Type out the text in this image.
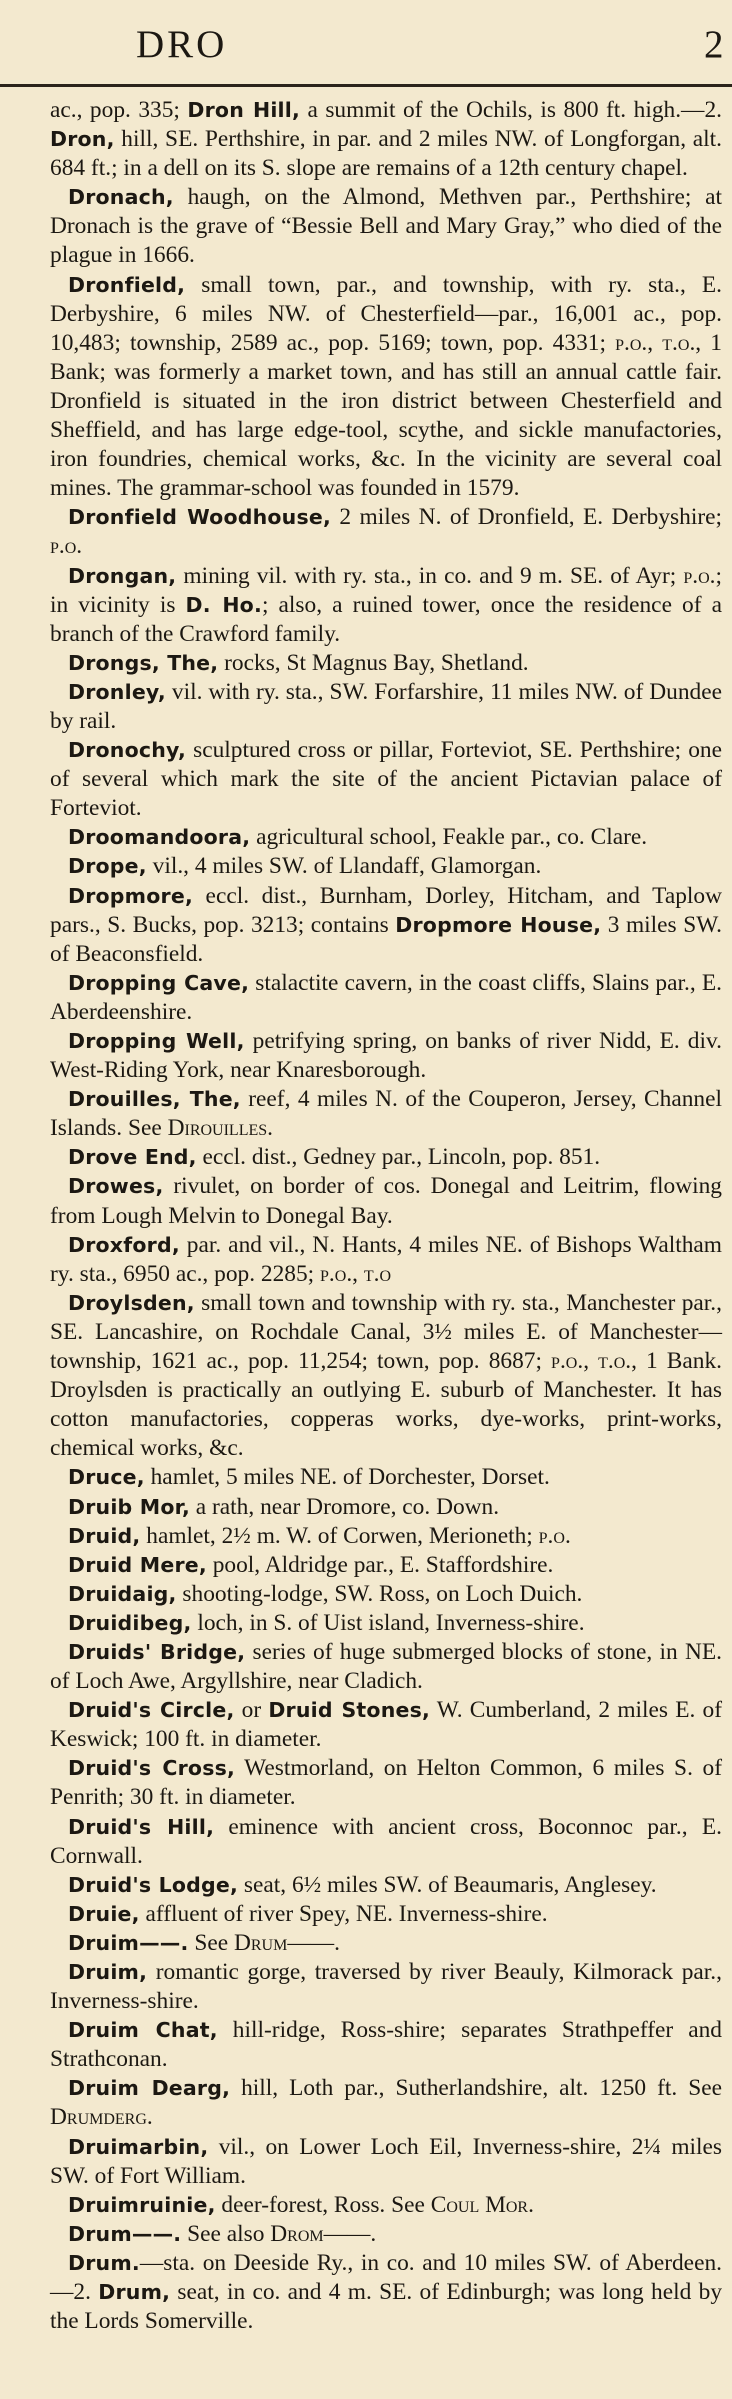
DRO	2
ac., pop. 335; Dron Hill, a summit of the Ochils, is 800 ft. high.—2. Dron, hill, SE. Perthshire, in par. and 2 miles NW. of Longforgan, alt. 684 ft.; in a dell on its S. slope are remains of a 12th century chapel.
Dronach, haugh, on the Almond, Methven par., Perthshire; at Dronach is the grave of “Bessie Bell and Mary Gray,” who died of the plague in 1666.
Dronfield, small town, par., and township, with ry. sta., E. Derbyshire, 6 miles NW. of Chesterfield—par., 16,001 ac., pop. 10,483; township, 2589 ac., pop. 5169; town, pop. 4331; p.o., t.o., 1 Bank; was formerly a market town, and has still an annual cattle fair. Dronfield is situated in the iron district between Chesterfield and Sheffield, and has large edge-tool, scythe, and sickle manufactories, iron foundries, chemical works, &c. In the vicinity are several coal mines. The grammar-school was founded in 1579.
Dronfield Woodhouse, 2 miles N. of Dronfield, E. Derbyshire; p.o.
Drongan, mining vil. with ry. sta., in co. and 9 m. SE. of Ayr; p.o.; in vicinity is D. Ho.; also, a ruined tower, once the residence of a branch of the Crawford family.
Drongs, The, rocks, St Magnus Bay, Shetland.
Dronley, vil. with ry. sta., SW. Forfarshire, 11 miles NW. of Dundee by rail.
Dronochy, sculptured cross or pillar, Forteviot, SE. Perthshire; one of several which mark the site of the ancient Pictavian palace of Forteviot.
Droomandoora, agricultural school, Feakle par., co. Clare.
Drope, vil., 4 miles SW. of Llandaff, Glamorgan.
Dropmore, eccl. dist., Burnham, Dorley, Hitcham, and Taplow pars., S. Bucks, pop. 3213; contains Dropmore House, 3 miles SW. of Beaconsfield.
Dropping Cave, stalactite cavern, in the coast cliffs, Slains par., E. Aberdeenshire.
Dropping Well, petrifying spring, on banks of river Nidd, E. div. West-Riding York, near Knaresborough.
Drouilles, The, reef, 4 miles N. of the Couperon, Jersey, Channel Islands. See Dirouilles.
Drove End, eccl. dist., Gedney par., Lincoln, pop. 851.
Drowes, rivulet, on border of cos. Donegal and Leitrim, flowing from Lough Melvin to Donegal Bay.
Droxford, par. and vil., N. Hants, 4 miles NE. of Bishops Waltham ry. sta., 6950 ac., pop. 2285; p.o., t.o
Droylsden, small town and township with ry. sta., Manchester par., SE. Lancashire, on Rochdale Canal, 3½ miles E. of Manchester—township, 1621 ac., pop. 11,254; town, pop. 8687; p.o., t.o., 1 Bank. Droylsden is practically an outlying E. suburb of Manchester. It has cotton manufactories, copperas works, dye-works, print-works, chemical works, &c.
Druce, hamlet, 5 miles NE. of Dorchester, Dorset.
Druib Mor, a rath, near Dromore, co. Down.
Druid, hamlet, 2½ m. W. of Corwen, Merioneth; p.o.
Druid Mere, pool, Aldridge par., E. Staffordshire.
Druidaig, shooting-lodge, SW. Ross, on Loch Duich.
Druidibeg, loch, in S. of Uist island, Inverness-shire.
Druids' Bridge, series of huge submerged blocks of stone, in NE. of Loch Awe, Argyllshire, near Cladich.
Druid's Circle, or Druid Stones, W. Cumberland, 2 miles E. of Keswick; 100 ft. in diameter.
Druid's Cross, Westmorland, on Helton Common, 6 miles S. of Penrith; 30 ft. in diameter.
Druid's Hill, eminence with ancient cross, Boconnoc par., E. Cornwall.
Druid's Lodge, seat, 6½ miles SW. of Beaumaris, Anglesey.
Druie, affluent of river Spey, NE. Inverness-shire.
Druim——. See Drum——.
Druim, romantic gorge, traversed by river Beauly, Kilmorack par., Inverness-shire.
Druim Chat, hill-ridge, Ross-shire; separates Strathpeffer and Strathconan.
Druim Dearg, hill, Loth par., Sutherlandshire, alt. 1250 ft. See Drumderg.
Druimarbin, vil., on Lower Loch Eil, Inverness-shire, 2¼ miles SW. of Fort William.
Druimruinie, deer-forest, Ross. See Coul Mor.
Drum——. See also Drom——.
Drum.—sta. on Deeside Ry., in co. and 10 miles SW. of Aberdeen.—2. Drum, seat, in co. and 4 m. SE. of Edinburgh; was long held by the Lords Somerville.
